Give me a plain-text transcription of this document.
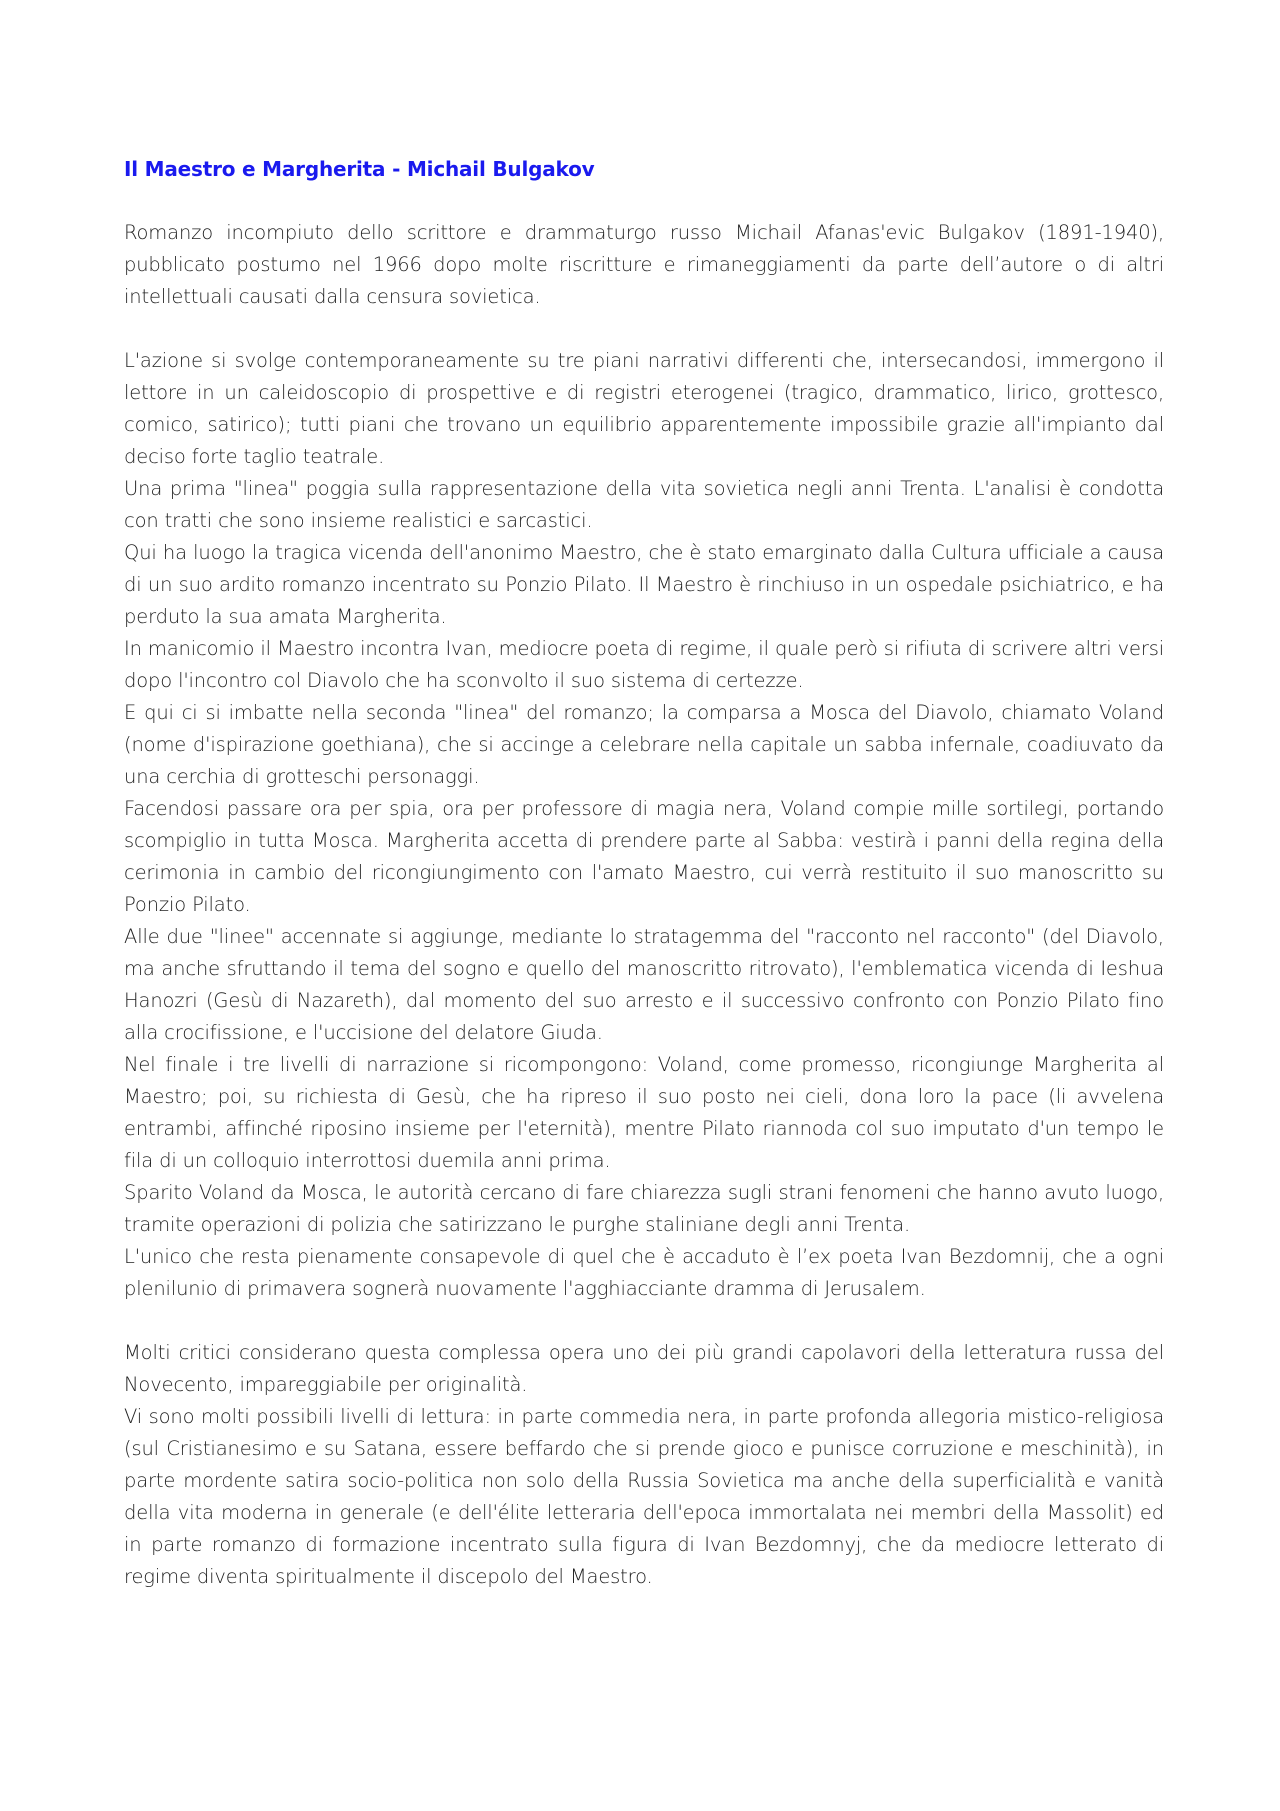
Il Maestro e Margherita - Michail Bulgakov

Romanzo incompiuto dello scrittore e drammaturgo russo Michail Afanas'evic Bulgakov (1891-1940), pubblicato postumo nel 1966 dopo molte riscritture e rimaneggiamenti da parte dell’autore o di altri intellettuali causati dalla censura sovietica.

L'azione si svolge contemporaneamente su tre piani narrativi differenti che, intersecandosi, immergono il lettore in un caleidoscopio di prospettive e di registri eterogenei (tragico, drammatico, lirico, grottesco, comico, satirico); tutti piani che trovano un equilibrio apparentemente impossibile grazie all'impianto dal deciso forte taglio teatrale.

Una prima "linea" poggia sulla rappresentazione della vita sovietica negli anni Trenta. L'analisi è condotta con tratti che sono insieme realistici e sarcastici.

Qui ha luogo la tragica vicenda dell'anonimo Maestro, che è stato emarginato dalla Cultura ufficiale a causa di un suo ardito romanzo incentrato su Ponzio Pilato. Il Maestro è rinchiuso in un ospedale psichiatrico, e ha perduto la sua amata Margherita.

In manicomio il Maestro incontra Ivan, mediocre poeta di regime, il quale però si rifiuta di scrivere altri versi dopo l'incontro col Diavolo che ha sconvolto il suo sistema di certezze.

E qui ci si imbatte nella seconda "linea" del romanzo; la comparsa a Mosca del Diavolo, chiamato Voland (nome d'ispirazione goethiana), che si accinge a celebrare nella capitale un sabba infernale, coadiuvato da una cerchia di grotteschi personaggi.

Facendosi passare ora per spia, ora per professore di magia nera, Voland compie mille sortilegi, portando scompiglio in tutta Mosca. Margherita accetta di prendere parte al Sabba: vestirà i panni della regina della cerimonia in cambio del ricongiungimento con l'amato Maestro, cui verrà restituito il suo manoscritto su Ponzio Pilato.

Alle due "linee" accennate si aggiunge, mediante lo stratagemma del "racconto nel racconto" (del Diavolo, ma anche sfruttando il tema del sogno e quello del manoscritto ritrovato), l'emblematica vicenda di Ieshua Hanozri (Gesù di Nazareth), dal momento del suo arresto e il successivo confronto con Ponzio Pilato fino alla crocifissione, e l'uccisione del delatore Giuda.

Nel finale i tre livelli di narrazione si ricompongono: Voland, come promesso, ricongiunge Margherita al Maestro; poi, su richiesta di Gesù, che ha ripreso il suo posto nei cieli, dona loro la pace (li avvelena entrambi, affinché riposino insieme per l'eternità), mentre Pilato riannoda col suo imputato d'un tempo le fila di un colloquio interrottosi duemila anni prima.

Sparito Voland da Mosca, le autorità cercano di fare chiarezza sugli strani fenomeni che hanno avuto luogo, tramite operazioni di polizia che satirizzano le purghe staliniane degli anni Trenta.

L'unico che resta pienamente consapevole di quel che è accaduto è l’ex poeta Ivan Bezdomnij, che a ogni plenilunio di primavera sognerà nuovamente l'agghiacciante dramma di Jerusalem.

Molti critici considerano questa complessa opera uno dei più grandi capolavori della letteratura russa del Novecento, impareggiabile per originalità.

Vi sono molti possibili livelli di lettura: in parte commedia nera, in parte profonda allegoria mistico-religiosa (sul Cristianesimo e su Satana, essere beffardo che si prende gioco e punisce corruzione e meschinità), in parte mordente satira socio-politica non solo della Russia Sovietica ma anche della superficialità e vanità della vita moderna in generale (e dell'élite letteraria dell'epoca immortalata nei membri della Massolit) ed in parte romanzo di formazione incentrato sulla figura di Ivan Bezdomnyj, che da mediocre letterato di regime diventa spiritualmente il discepolo del Maestro.
